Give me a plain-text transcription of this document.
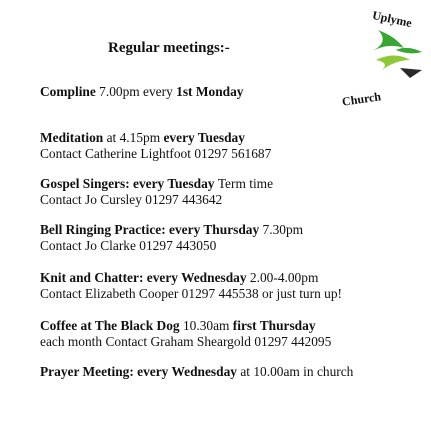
Regular meetings:-
Uplyme
Church
Compline 7.00pm every 1st Monday
Meditation at 4.15pm every Tuesday
Contact Catherine Lightfoot 01297 561687
Gospel Singers: every Tuesday Term time
Contact Jo Cursley 01297 443642
Bell Ringing Practice: every Thursday 7.30pm
Contact Jo Clarke 01297 443050
Knit and Chatter: every Wednesday 2.00-4.00pm
Contact Elizabeth Cooper 01297 445538 or just turn up!
Coffee at The Black Dog 10.30am first Thursday
each month Contact Graham Sheargold 01297 442095
Prayer Meeting: every Wednesday at 10.00am in church
